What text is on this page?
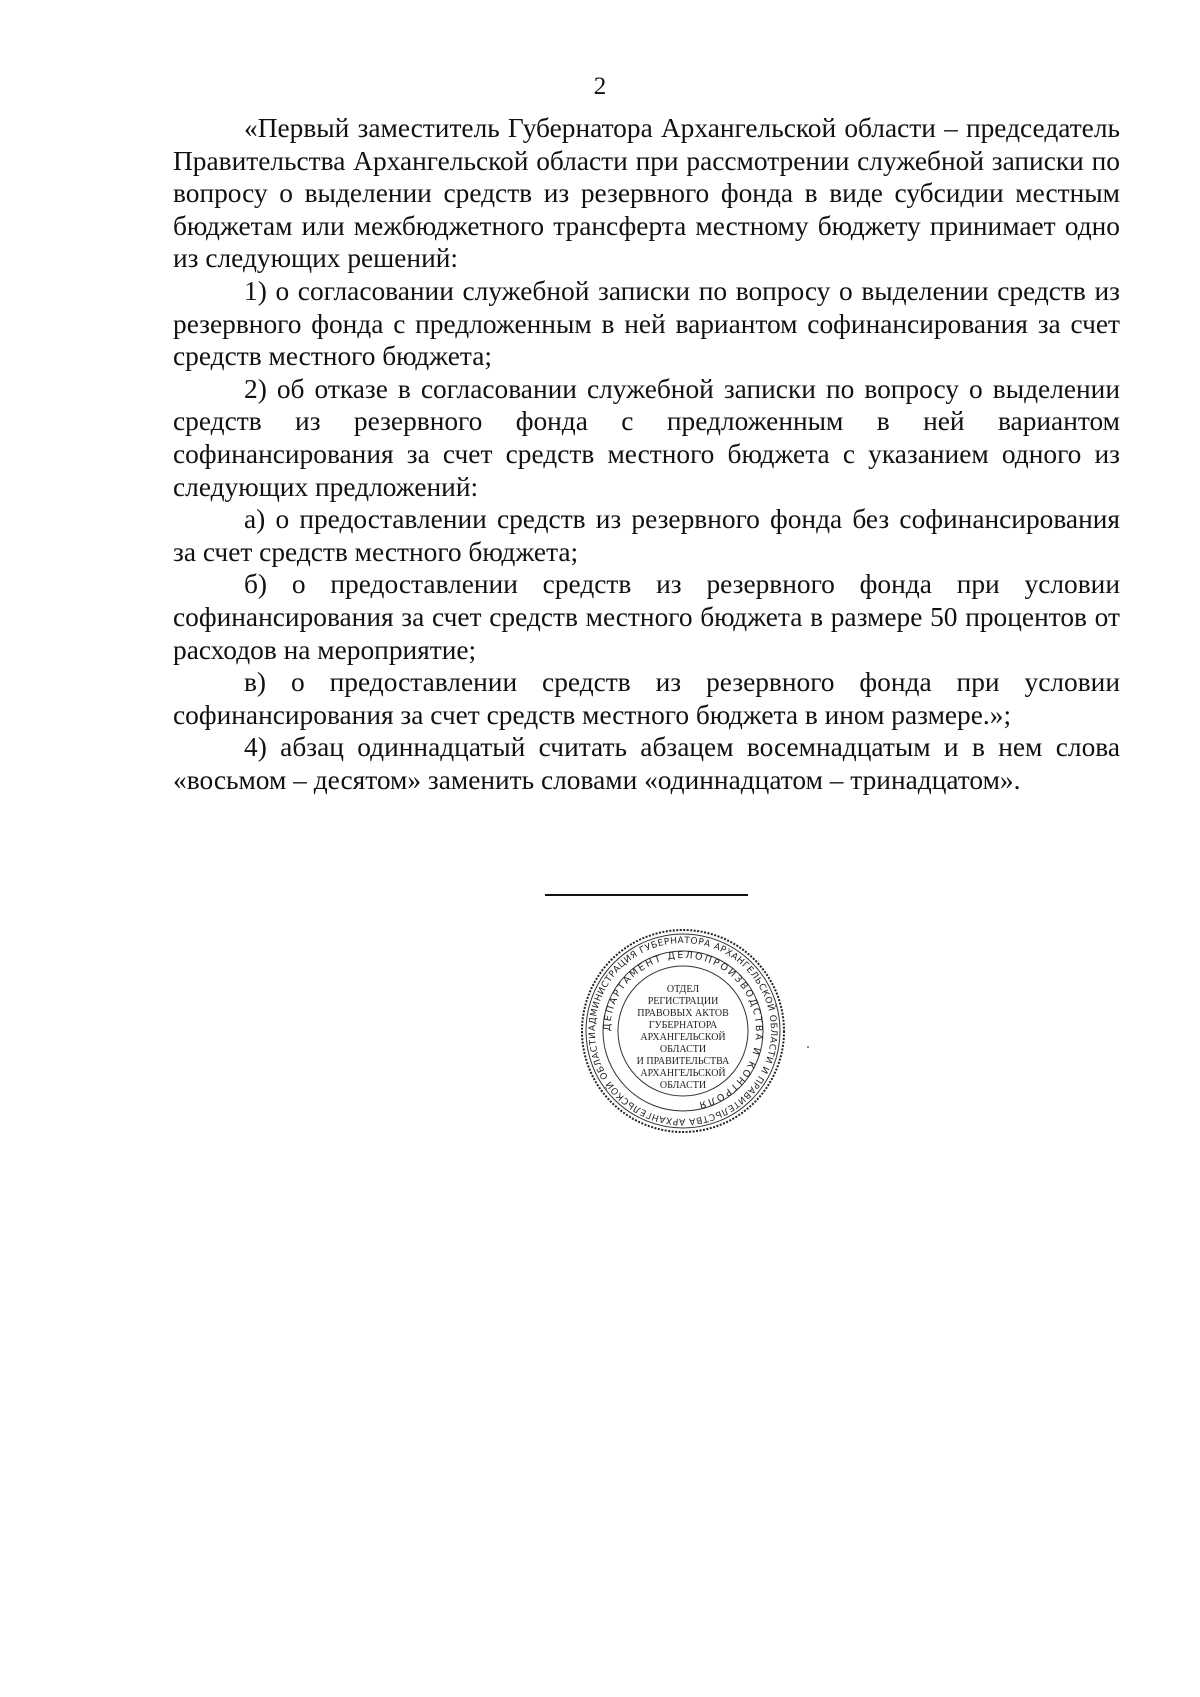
2

«Первый заместитель Губернатора Архангельской области – председатель Правительства Архангельской области при рассмотрении служебной записки по вопросу о выделении средств из резервного фонда в виде субсидии местным бюджетам или межбюджетного трансферта местному бюджету принимает одно из следующих решений:

1) о согласовании служебной записки по вопросу о выделении средств из резервного фонда с предложенным в ней вариантом софинансирования за счет средств местного бюджета;

2) об отказе в согласовании служебной записки по вопросу о выделении средств из резервного фонда с предложенным в ней вариантом софинансирования за счет средств местного бюджета с указанием одного из следующих предложений:

а) о предоставлении средств из резервного фонда без софинансирования за счет средств местного бюджета;

б) о предоставлении средств из резервного фонда при условии софинансирования за счет средств местного бюджета в размере 50 процентов от расходов на мероприятие;

в) о предоставлении средств из резервного фонда при условии софинансирования за счет средств местного бюджета в ином размере.»;

4) абзац одиннадцатый считать абзацем восемнадцатым и в нем слова «восьмом – десятом» заменить словами «одиннадцатом – тринадцатом».

АДМИНИСТРАЦИЯ ГУБЕРНАТОРА АРХАНГЕЛЬСКОЙ ОБЛАСТИ И ПРАВИТЕЛЬСТВА АРХАНГЕЛЬСКОЙ ОБЛАСТИ
ДЕПАРТАМЕНТ ДЕЛОПРОИЗВОДСТВА И КОНТРОЛЯ
ОТДЕЛ
РЕГИСТРАЦИИ
ПРАВОВЫХ АКТОВ
ГУБЕРНАТОРА
АРХАНГЕЛЬСКОЙ
ОБЛАСТИ
И ПРАВИТЕЛЬСТВА
АРХАНГЕЛЬСКОЙ
ОБЛАСТИ
